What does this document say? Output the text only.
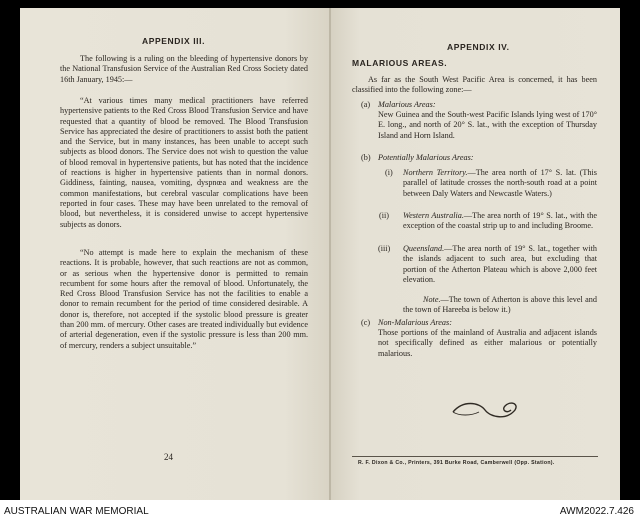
APPENDIX III.

The following is a ruling on the bleeding of hypertensive donors by the National Transfusion Service of the Australian Red Cross Society dated 16th January, 1945:—

“At various times many medical practitioners have referred hypertensive patients to the Red Cross Blood Transfusion Service and have requested that a quantity of blood be removed. The Blood Transfusion Service has appreciated the desire of practitioners to assist both the patient and the Service, but in many instances, has been unable to accept such subjects as blood donors. The Service does not wish to question the value of blood removal in hypertensive patients, but has noted that the incidence of reactions is higher in hypertensive patients than in normal donors. Giddiness, fainting, nausea, vomiting, dyspnœa and weakness are the common manifestations, but cerebral vascular complications have been reported in four cases. These may have been unrelated to the removal of blood, but nevertheless, it is considered unwise to accept hypertensive subjects as donors.

“No attempt is made here to explain the mechanism of these reactions. It is probable, however, that such reactions are not as common, or as serious when the hypertensive donor is permitted to remain recumbent for some hours after the removal of blood. Unfortunately, the Red Cross Blood Transfusion Service has not the facilities to enable a donor to remain recumbent for the period of time considered desirable. A donor is, therefore, not accepted if the systolic blood pressure is greater than 200 mm. of mercury. Other cases are treated individually but evidence of arterial degeneration, even if the systolic pressure is less than 200 mm. of mercury, renders a subject unsuitable.”

24
APPENDIX IV.
MALARIOUS AREAS.

As far as the South West Pacific Area is concerned, it has been classified into the following zone:—

(a) Malarious Areas:

New Guinea and the South-west Pacific Islands lying west of 170° E. long., and north of 20° S. lat., with the exception of Thursday Island and Horn Island.

(b) Potentially Malarious Areas:
(i) Northern Territory.—The area north of 17° S. lat. (This parallel of latitude crosses the north-south road at a point between Daly Waters and Newcastle Waters.)

(ii) Western Australia.—The area north of 19° S. lat., with the exception of the coastal strip up to and including Broome.

(iii) Queensland.—The area north of 19° S. lat., together with the islands adjacent to such area, but excluding that portion of the Atherton Plateau which is above 2,000 feet elevation.

Note.—The town of Atherton is above this level and the town of Hareeba is below it.)

(c) Non-Malarious Areas:

Those portions of the mainland of Australia and adjacent islands not specifically defined as either malarious or potentially malarious.

R. F. Dixon & Co., Printers, 391 Burke Road, Camberwell (Opp. Station).
AUSTRALIAN WAR MEMORIAL	AWM2022.7.426
